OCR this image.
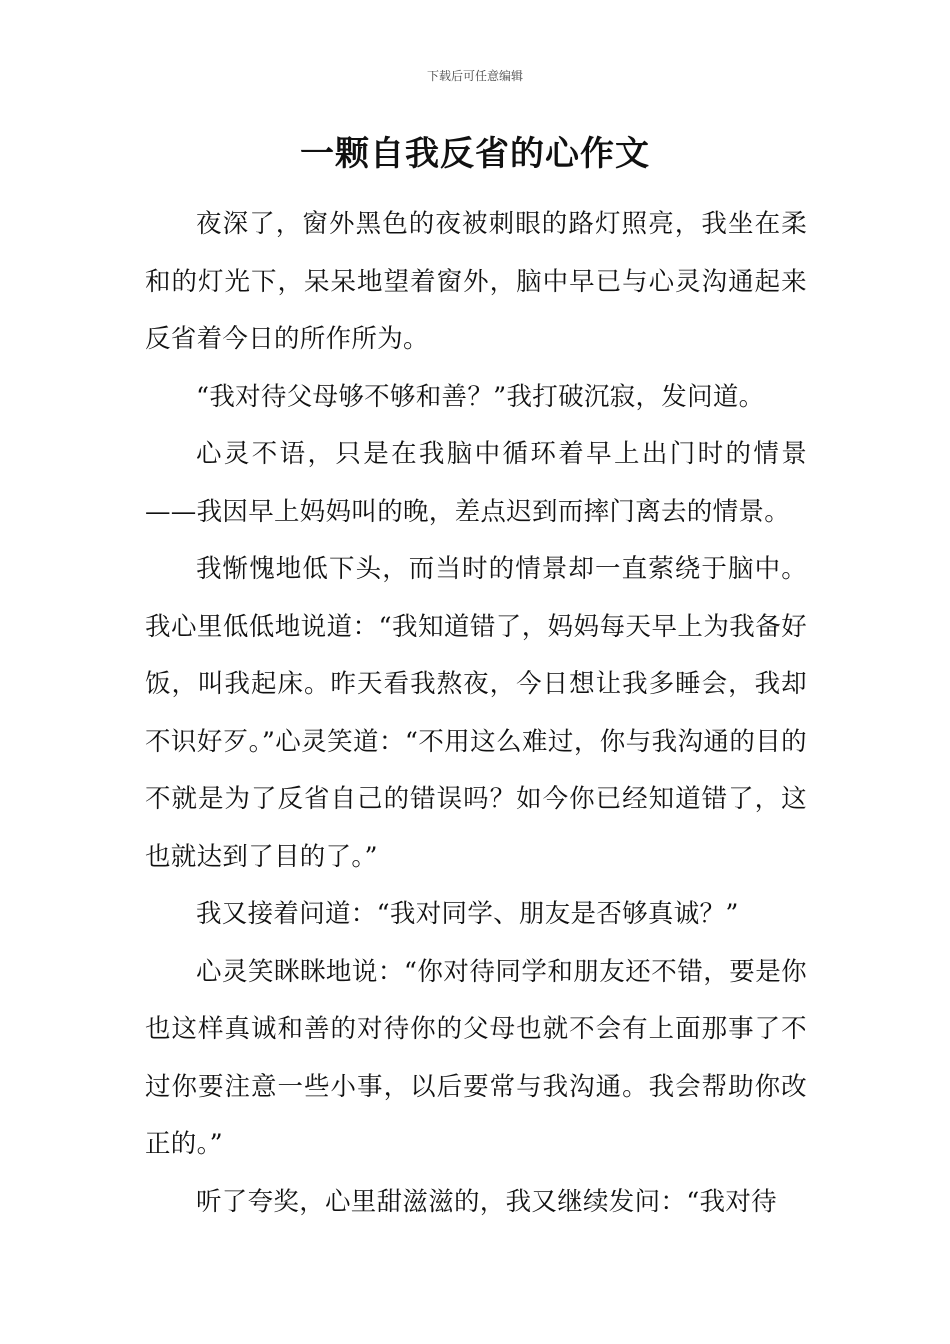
下载后可任意编辑
一颗自我反省的心作文

夜深了，窗外黑色的夜被刺眼的路灯照亮，我坐在柔和的灯光下，呆呆地望着窗外，脑中早已与心灵沟通起来反省着今日的所作所为。

“我对待父母够不够和善？”我打破沉寂，发问道。

心灵不语，只是在我脑中循环着早上出门时的情景——我因早上妈妈叫的晚，差点迟到而摔门离去的情景。

我惭愧地低下头，而当时的情景却一直萦绕于脑中。我心里低低地说道：“我知道错了，妈妈每天早上为我备好饭，叫我起床。昨天看我熬夜，今日想让我多睡会，我却不识好歹。”心灵笑道：“不用这么难过，你与我沟通的目的不就是为了反省自己的错误吗？如今你已经知道错了，这也就达到了目的了。”

我又接着问道：“我对同学、朋友是否够真诚？”

心灵笑眯眯地说：“你对待同学和朋友还不错，要是你也这样真诚和善的对待你的父母也就不会有上面那事了不过你要注意一些小事，以后要常与我沟通。我会帮助你改正的。”

听了夸奖，心里甜滋滋的，我又继续发问：“我对待
